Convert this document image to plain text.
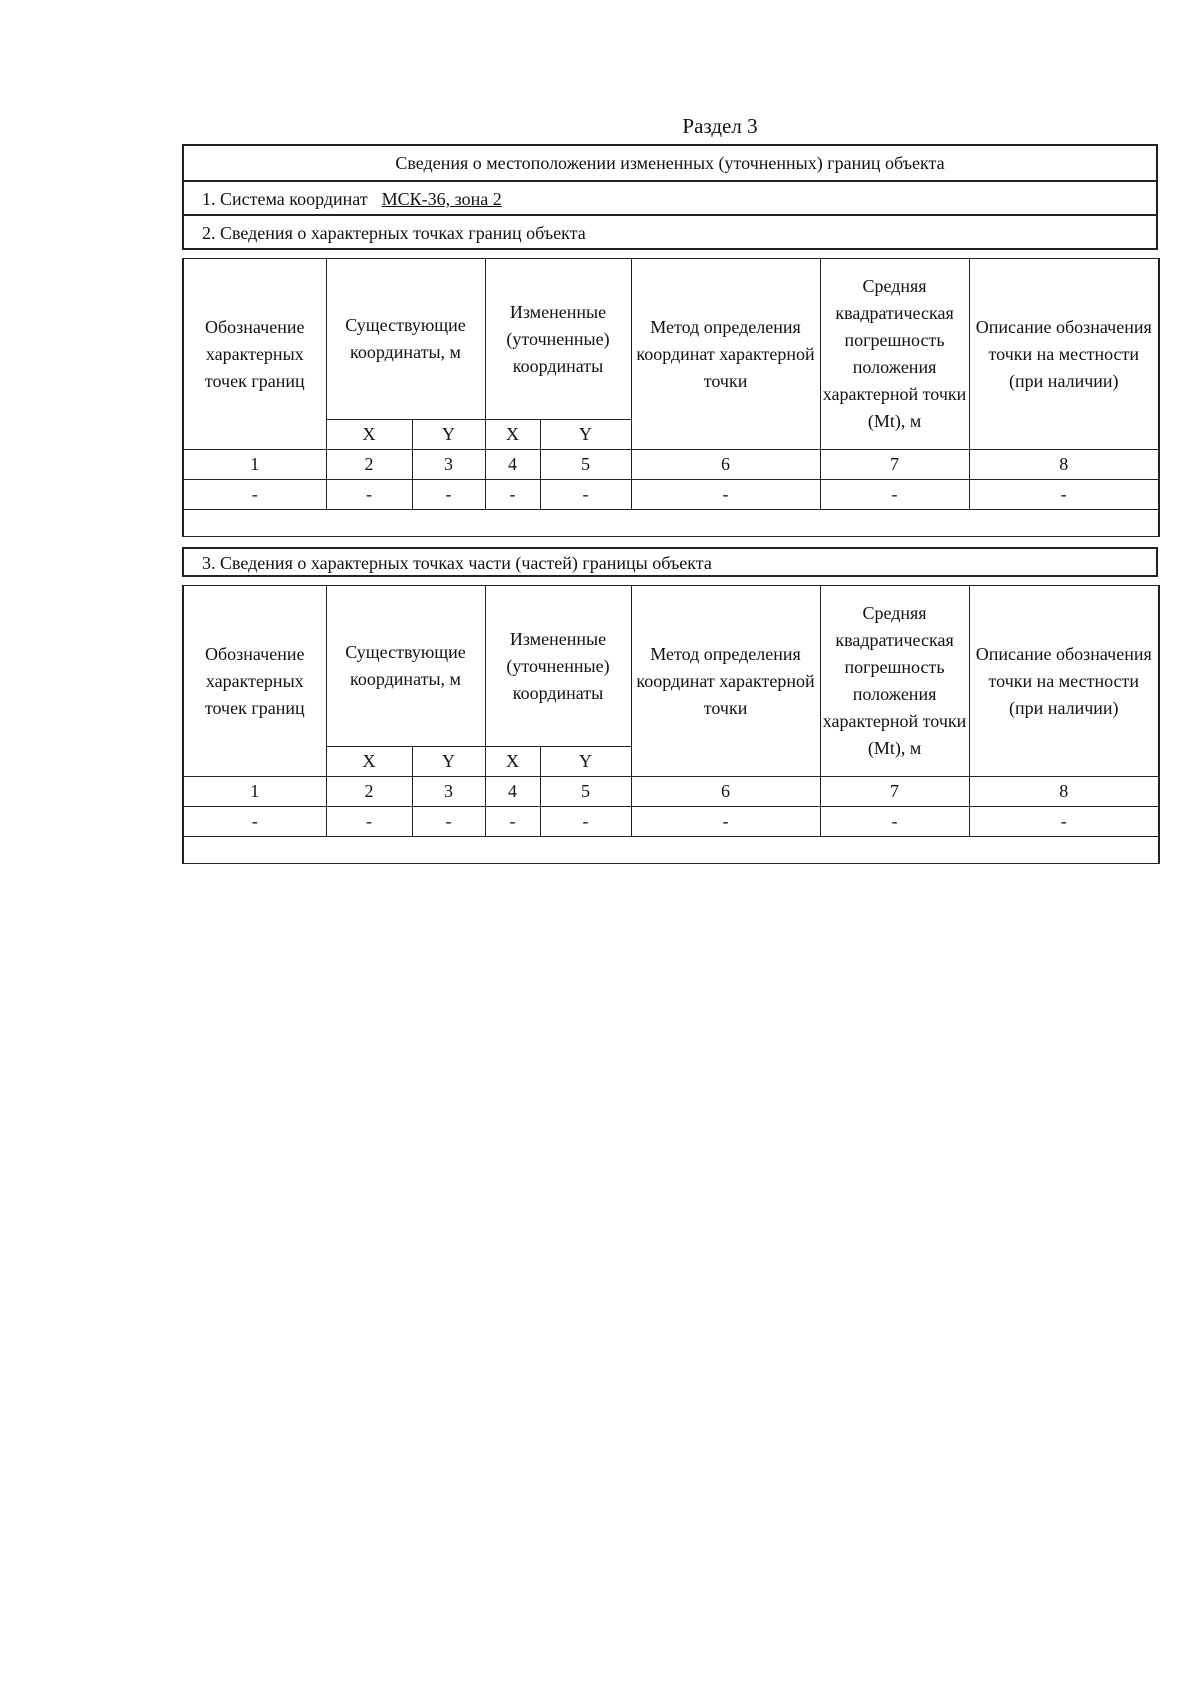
Раздел 3
Сведения о местоположении измененных (уточненных) границ объекта
1. Система координат МСК-36, зона 2
2. Сведения о характерных точках границ объекта
Обозначение характерных точек границ	Существующие координаты, м		Измененные (уточненные) координаты		Метод определения координат характерной точки	Средняя квадратическая погрешность положения характерной точки (Mt), м	Описание обозначения точки на местности (при наличии)
	X	Y	X	Y			
1	2	3	4	5	6	7	8
-	-	-	-	-	-	-	-

3. Сведения о характерных точках части (частей) границы объекта
Обозначение характерных точек границ	Существующие координаты, м		Измененные (уточненные) координаты		Метод определения координат характерной точки	Средняя квадратическая погрешность положения характерной точки (Mt), м	Описание обозначения точки на местности (при наличии)
	X	Y	X	Y			
1	2	3	4	5	6	7	8
-	-	-	-	-	-	-	-
